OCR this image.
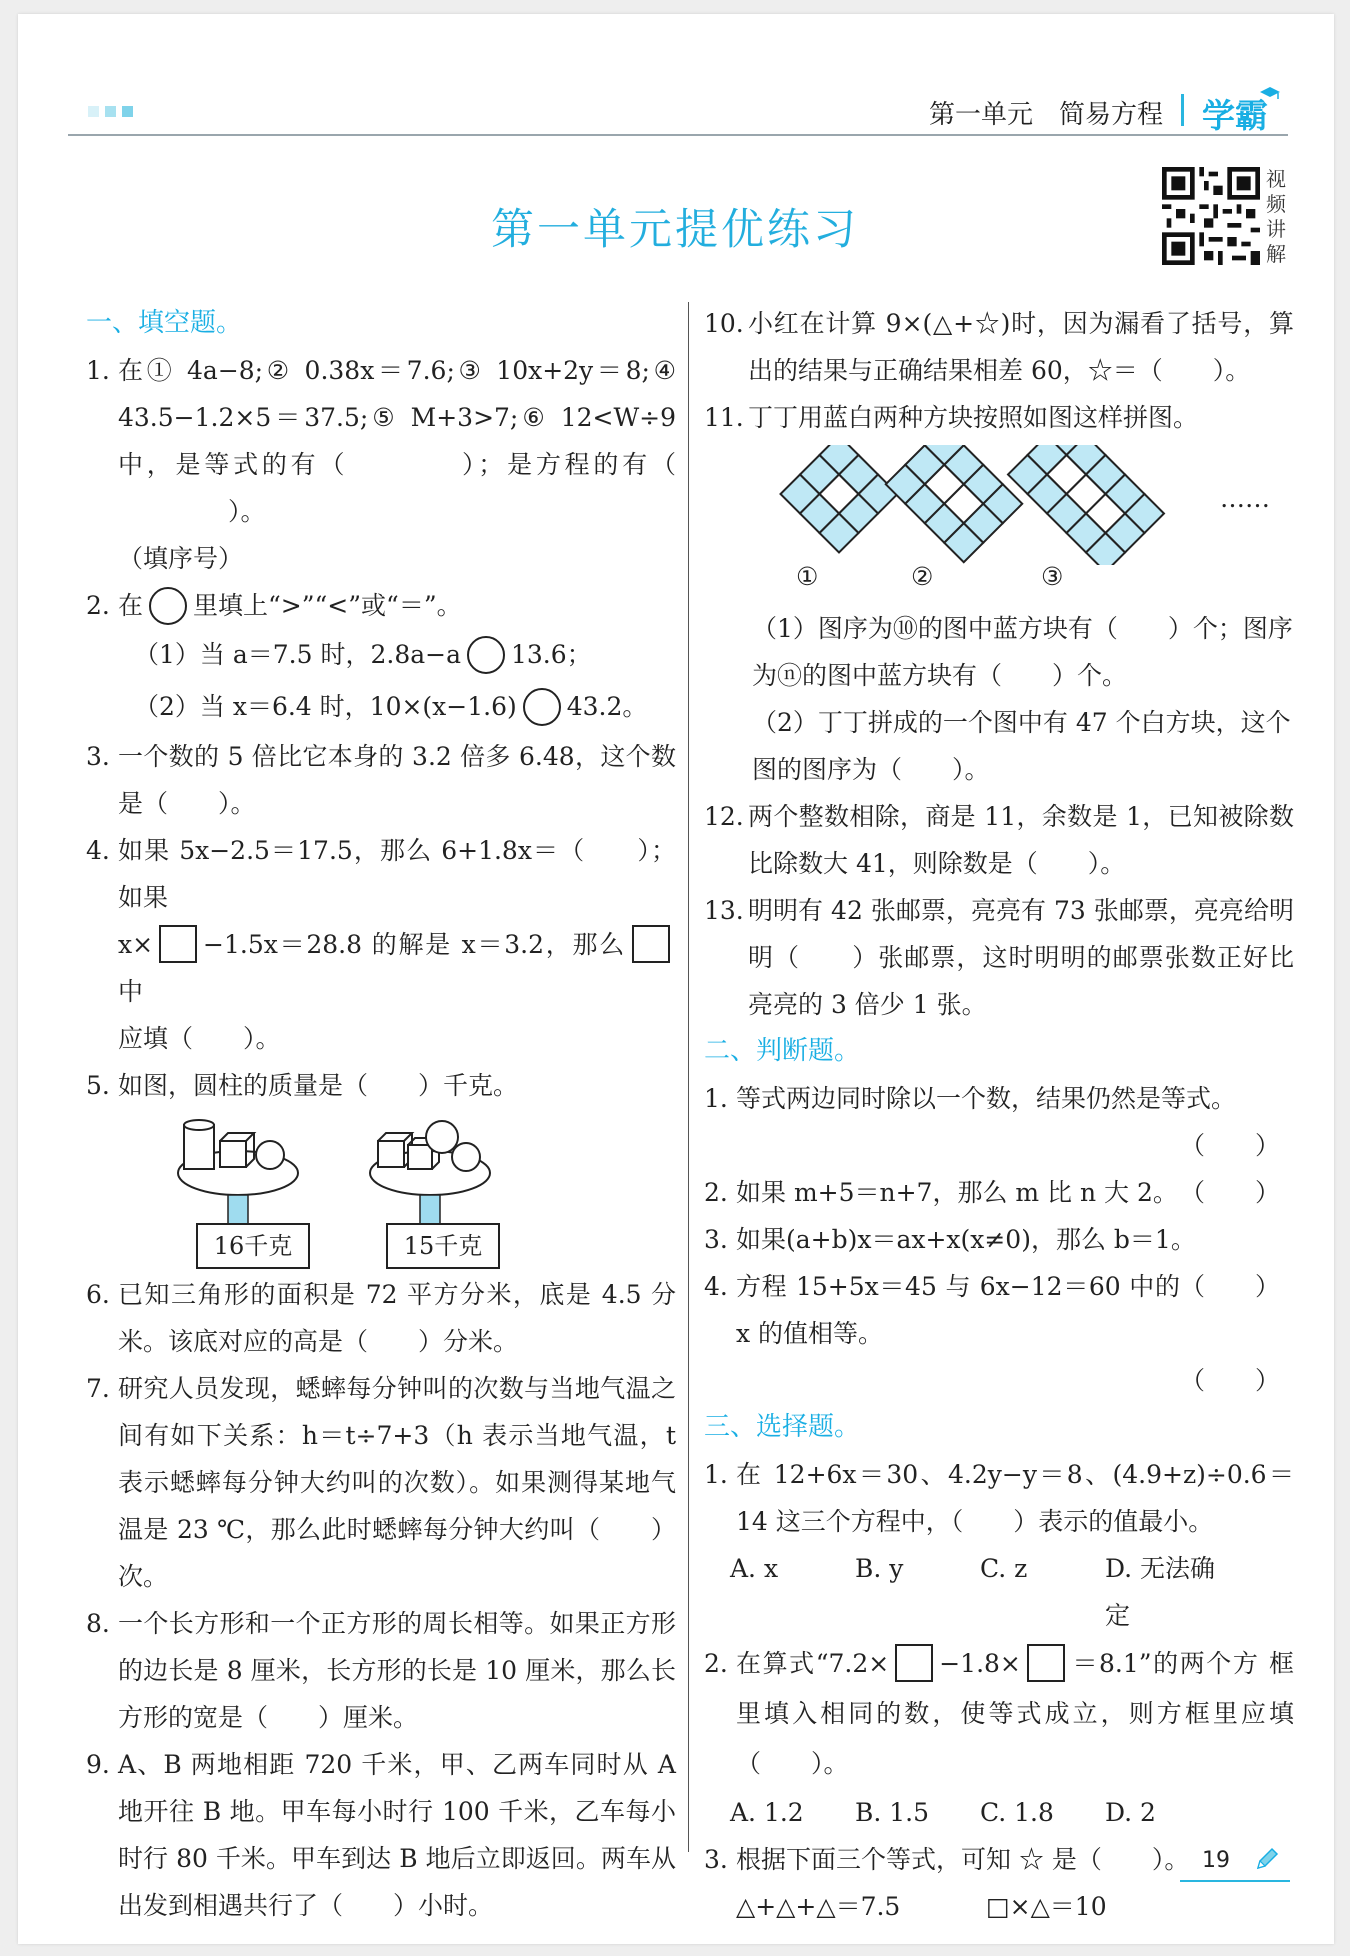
第一单元　简易方程 学霸
第一单元提优练习
视频讲解
一、填空题。
1. 在① 4a−8;② 0.38x＝7.6;③ 10x+2y＝8;④ 43.5−1.2×5＝37.5;⑤ M+3>7;⑥ 12<W÷9 中，是等式的有（	）；是方程的有（）。
（填序号）
2. 在 里填上“>”“<”或“＝”。
（1）当 a＝7.5 时，2.8a−a 13.6；
（2）当 x＝6.4 时，10×(x−1.6) 43.2。
3. 一个数的 5 倍比它本身的 3.2 倍多 6.48，这个数是（　　）。
4. 如果 5x−2.5＝17.5，那么 6+1.8x＝（　　）；如果
x× −1.5x＝28.8 的解是 x＝3.2，那么中
应填（　　）。
5. 如图，圆柱的质量是（　　）千克。
16千克	15千克
6. 已知三角形的面积是 72 平方分米，底是 4.5 分米。该底对应的高是（　　）分米。
7. 研究人员发现，蟋蟀每分钟叫的次数与当地气温之间有如下关系：h＝t÷7+3（h 表示当地气温，t 表示蟋蟀每分钟大约叫的次数）。如果测得某地气温是 23 ℃，那么此时蟋蟀每分钟大约叫（　　）次。
8. 一个长方形和一个正方形的周长相等。如果正方形的边长是 8 厘米，长方形的长是 10 厘米，那么长方形的宽是（　　）厘米。
9. A、B 两地相距 720 千米，甲、乙两车同时从 A 地开往 B 地。甲车每小时行 100 千米，乙车每小时行 80 千米。甲车到达 B 地后立即返回。两车从出发到相遇共行了（　　）小时。
10. 小红在计算 9×(△+☆)时，因为漏看了括号，算出的结果与正确结果相差 60，☆＝（　　）。
11. 丁丁用蓝白两种方块按照如图这样拼图。
①	②	③
……
（1）图序为⑩的图中蓝方块有（　　）个；图序为ⓝ的图中蓝方块有（　　）个。
（2）丁丁拼成的一个图中有 47 个白方块，这个图的图序为（　　）。
12. 两个整数相除，商是 11，余数是 1，已知被除数比除数大 41，则除数是（　　）。
13. 明明有 42 张邮票，亮亮有 73 张邮票，亮亮给明明（　　）张邮票，这时明明的邮票张数正好比亮亮的 3 倍少 1 张。
二、判断题。
1. 等式两边同时除以一个数，结果仍然是等式。

（　　）

2. 如果 m+5＝n+7，那么 m 比 n 大 2。 （　　）
3. 如果(a+b)x＝ax+x(x≠0)，那么 b＝1。
（　　）
4. 方程 15+5x＝45 与 6x−12＝60 中的 x 的值相等。

（　　）

三、选择题。
1. 在 12+6x＝30、4.2y−y＝8、(4.9+z)÷0.6＝14 这三个方程中，（　　）表示的值最小。
A. x	B. y	C. z	D. 无法确定
2. 在算式“7.2× −1.8× ＝8.1”的两个方 框里填入相同的数，使等式成立，则方框里应填（　　）。
A. 1.2	B. 1.5	C. 1.8	D. 2
3. 根据下面三个等式，可知 ☆ 是（　　）。
△+△+△＝7.5	□×△＝10
19
